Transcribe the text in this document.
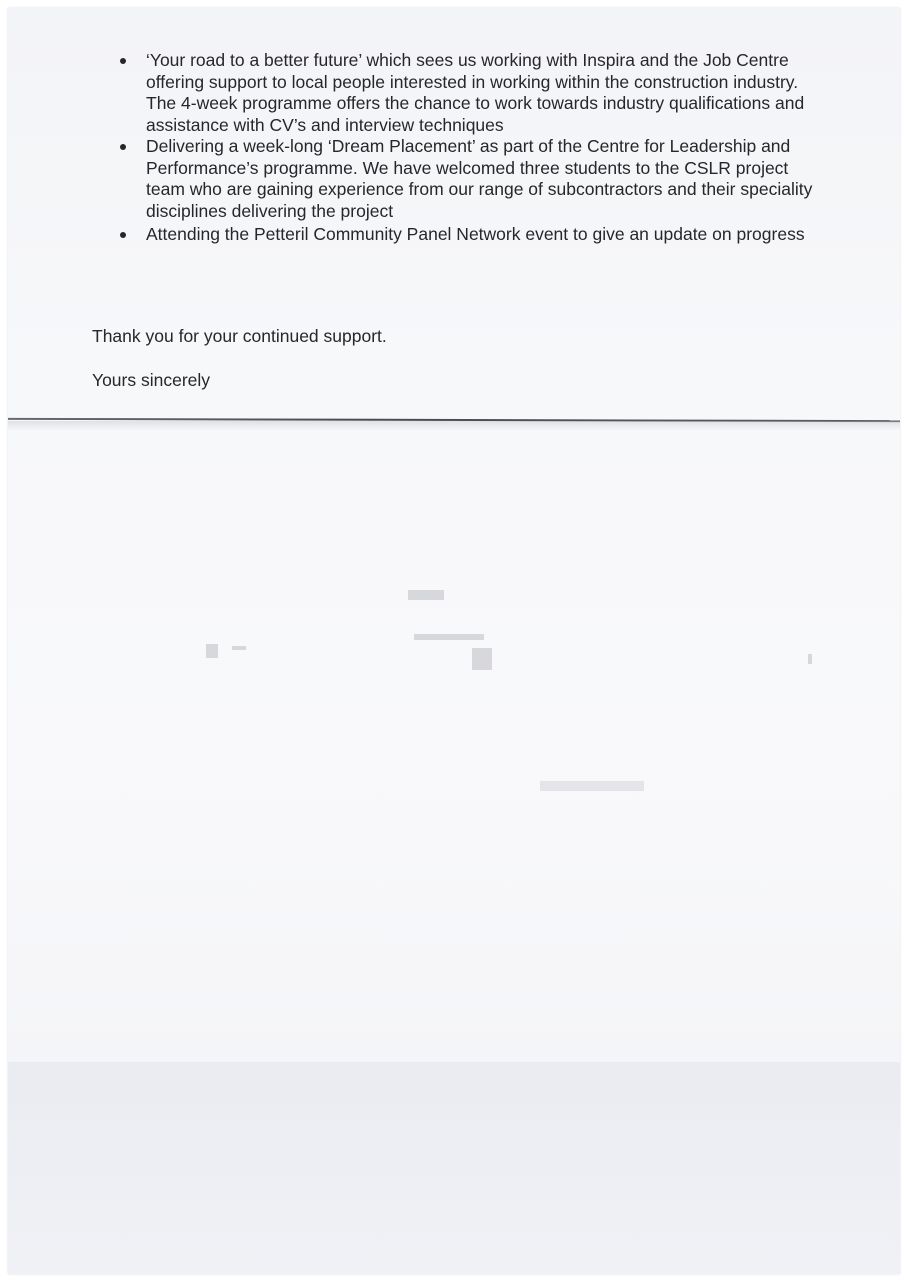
‘Your road to a better future’ which sees us working with Inspira and the Job Centre offering support to local people interested in working within the construction industry. The 4-week programme offers the chance to work towards industry qualifications and assistance with CV’s and interview techniques
Delivering a week-long ‘Dream Placement’ as part of the Centre for Leadership and Performance’s programme. We have welcomed three students to the CSLR project team who are gaining experience from our range of subcontractors and their speciality disciplines delivering the project
Attending the Petteril Community Panel Network event to give an update on progress

Thank you for your continued support.

Yours sincerely
